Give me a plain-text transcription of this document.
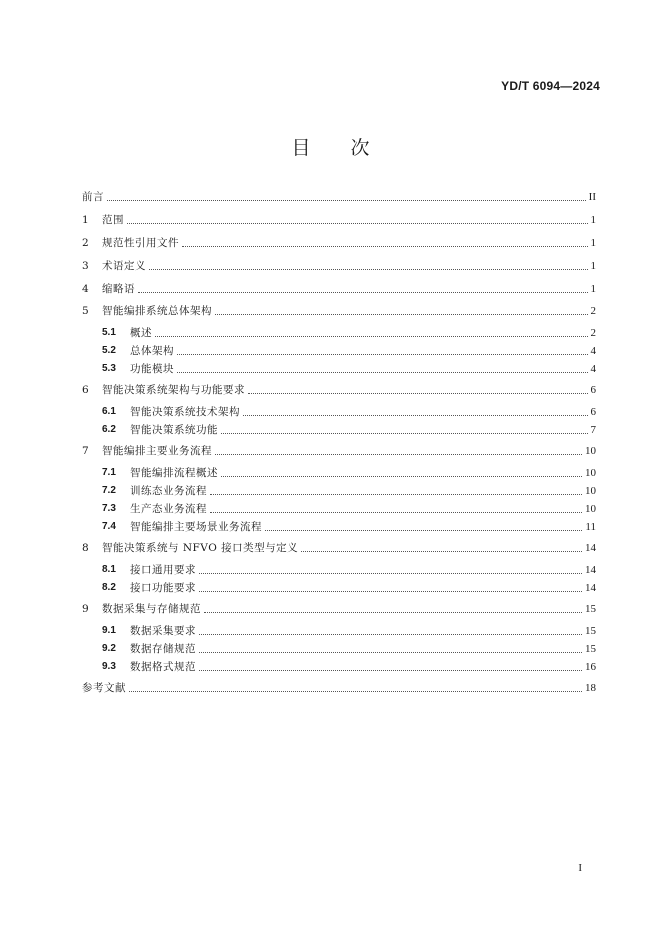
YD/T 6094—2024
目 次
前言	II
1	范围	1
2	规范性引用文件	1
3	术语定义	1
4	缩略语	1
5	智能编排系统总体架构	2
5.1	概述	2
5.2	总体架构	4
5.3	功能模块	4
6	智能决策系统架构与功能要求	6
6.1	智能决策系统技术架构	6
6.2	智能决策系统功能	7
7	智能编排主要业务流程	10
7.1	智能编排流程概述	10
7.2	训练态业务流程	10
7.3	生产态业务流程	10
7.4	智能编排主要场景业务流程	11
8	智能决策系统与 NFVO 接口类型与定义	14
8.1	接口通用要求	14
8.2	接口功能要求	14
9	数据采集与存储规范	15
9.1	数据采集要求	15
9.2	数据存储规范	15
9.3	数据格式规范	16
参考文献	18
I
